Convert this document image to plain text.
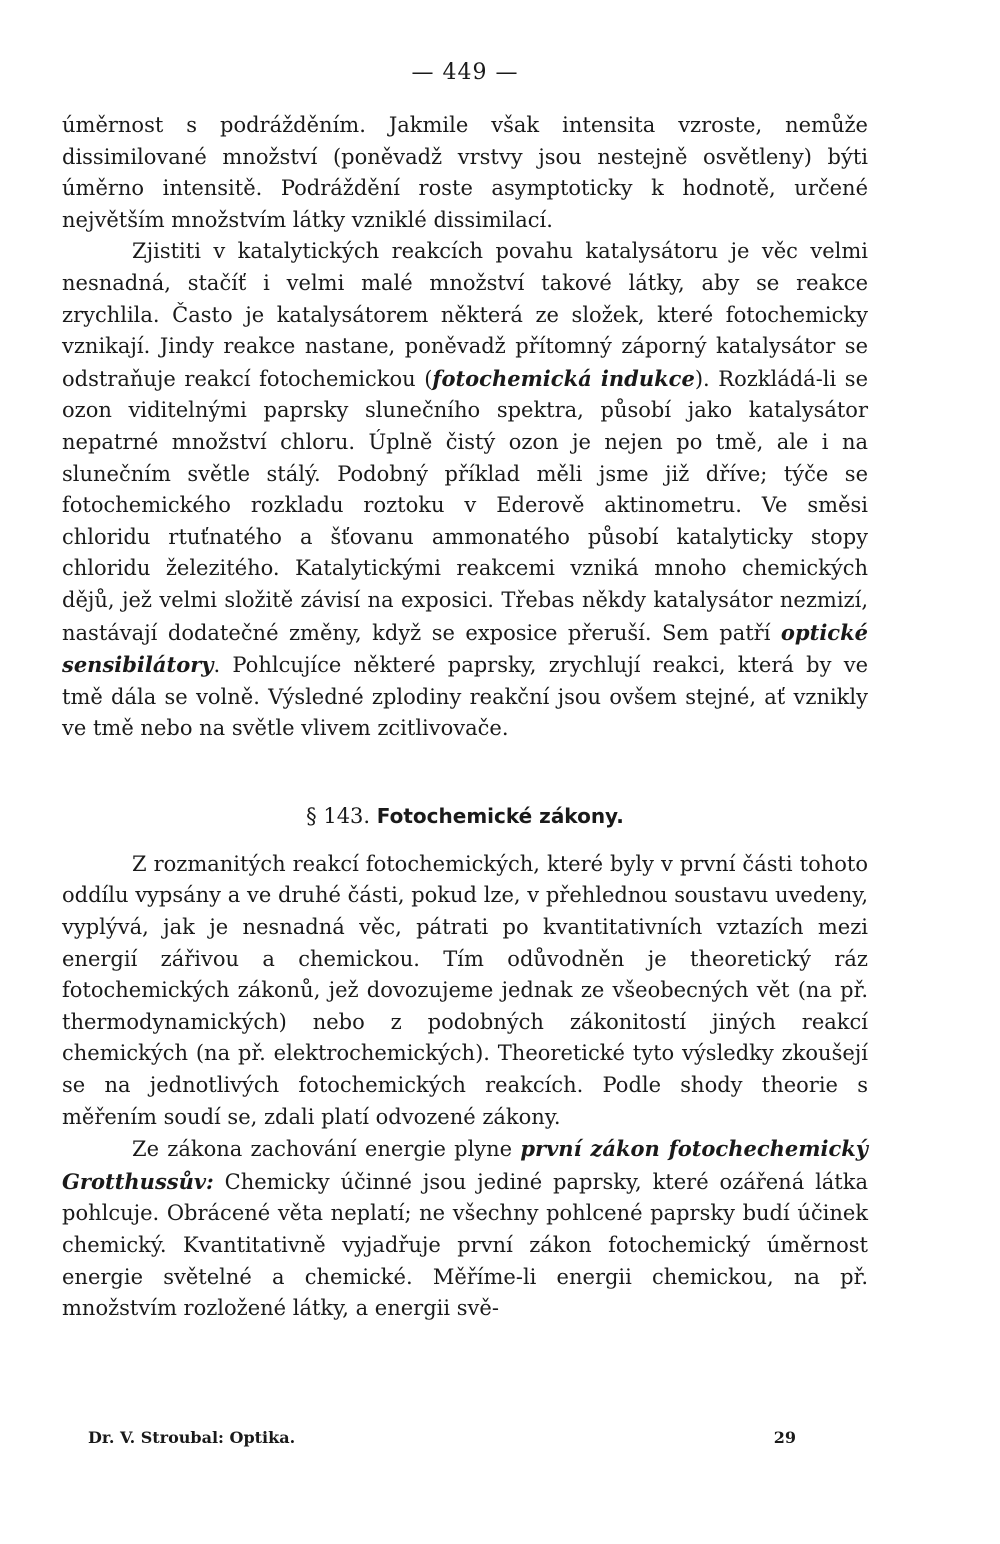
— 449 —

úměrnost s podrážděním. Jakmile však intensita vzroste, nemůže dissimilované množství (poněvadž vrstvy jsou nestejně osvětleny) býti úměrno intensitě. Podráždění roste asymptoticky k hodnotě, určené největším množstvím látky vzniklé dissimilací.

Zjistiti v katalytických reakcích povahu katalysátoru je věc velmi nesnadná, stačíť i velmi malé množství takové látky, aby se reakce zrychlila. Často je katalysátorem některá ze složek, které fotochemicky vznikají. Jindy reakce nastane, poněvadž přítomný záporný katalysátor se odstraňuje reakcí fotochemickou (fotochemická indukce). Rozkládá-li se ozon viditelnými paprsky slunečního spektra, působí jako katalysátor nepatrné množství chloru. Úplně čistý ozon je nejen po tmě, ale i na slunečním světle stálý. Podobný příklad měli jsme již dříve; týče se fotochemického rozkladu roztoku v Ederově aktinometru. Ve směsi chloridu rtuťnatého a šťovanu ammonatého působí katalyticky stopy chloridu železitého. Katalytickými reakcemi vzniká mnoho chemických dějů, jež velmi složitě závisí na exposici. Třebas někdy katalysátor nezmizí, nastávají dodatečné změny, když se exposice přeruší. Sem patří optické sensibilátory. Pohlcujíce některé paprsky, zrychlují reakci, která by ve tmě dála se volně. Výsledné zplodiny reakční jsou ovšem stejné, ať vznikly ve tmě nebo na světle vlivem zcitlivovače.

§ 143. Fotochemické zákony.

Z rozmanitých reakcí fotochemických, které byly v první části tohoto oddílu vypsány a ve druhé části, pokud lze, v přehlednou soustavu uvedeny, vyplývá, jak je nesnadná věc, pátrati po kvantitativních vztazích mezi energií zářivou a chemickou. Tím odůvodněn je theoretický ráz fotochemických zákonů, jež dovozujeme jednak ze všeobecných vět (na př. thermodynamických) nebo z podobných zákonitostí jiných reakcí chemických (na př. elektrochemických). Theoretické tyto výsledky zkoušejí se na jednotlivých fotochemických reakcích. Podle shody theorie s měřením soudí se, zdali platí odvozené zákony.

Ze zákona zachování energie plyne první zákon fotochechemický Grotthussův: Chemicky účinné jsou jediné paprsky, které ozářená látka pohlcuje. Obrácené věta neplatí; ne všechny pohlcené paprsky budí účinek chemický. Kvantitativně vyjadřuje první zákon fotochemický úměrnost energie světelné a chemické. Měříme-li energii chemickou, na př. množstvím rozložené látky, a energii svě-

Dr. V. Stroubal: Optika.	29
